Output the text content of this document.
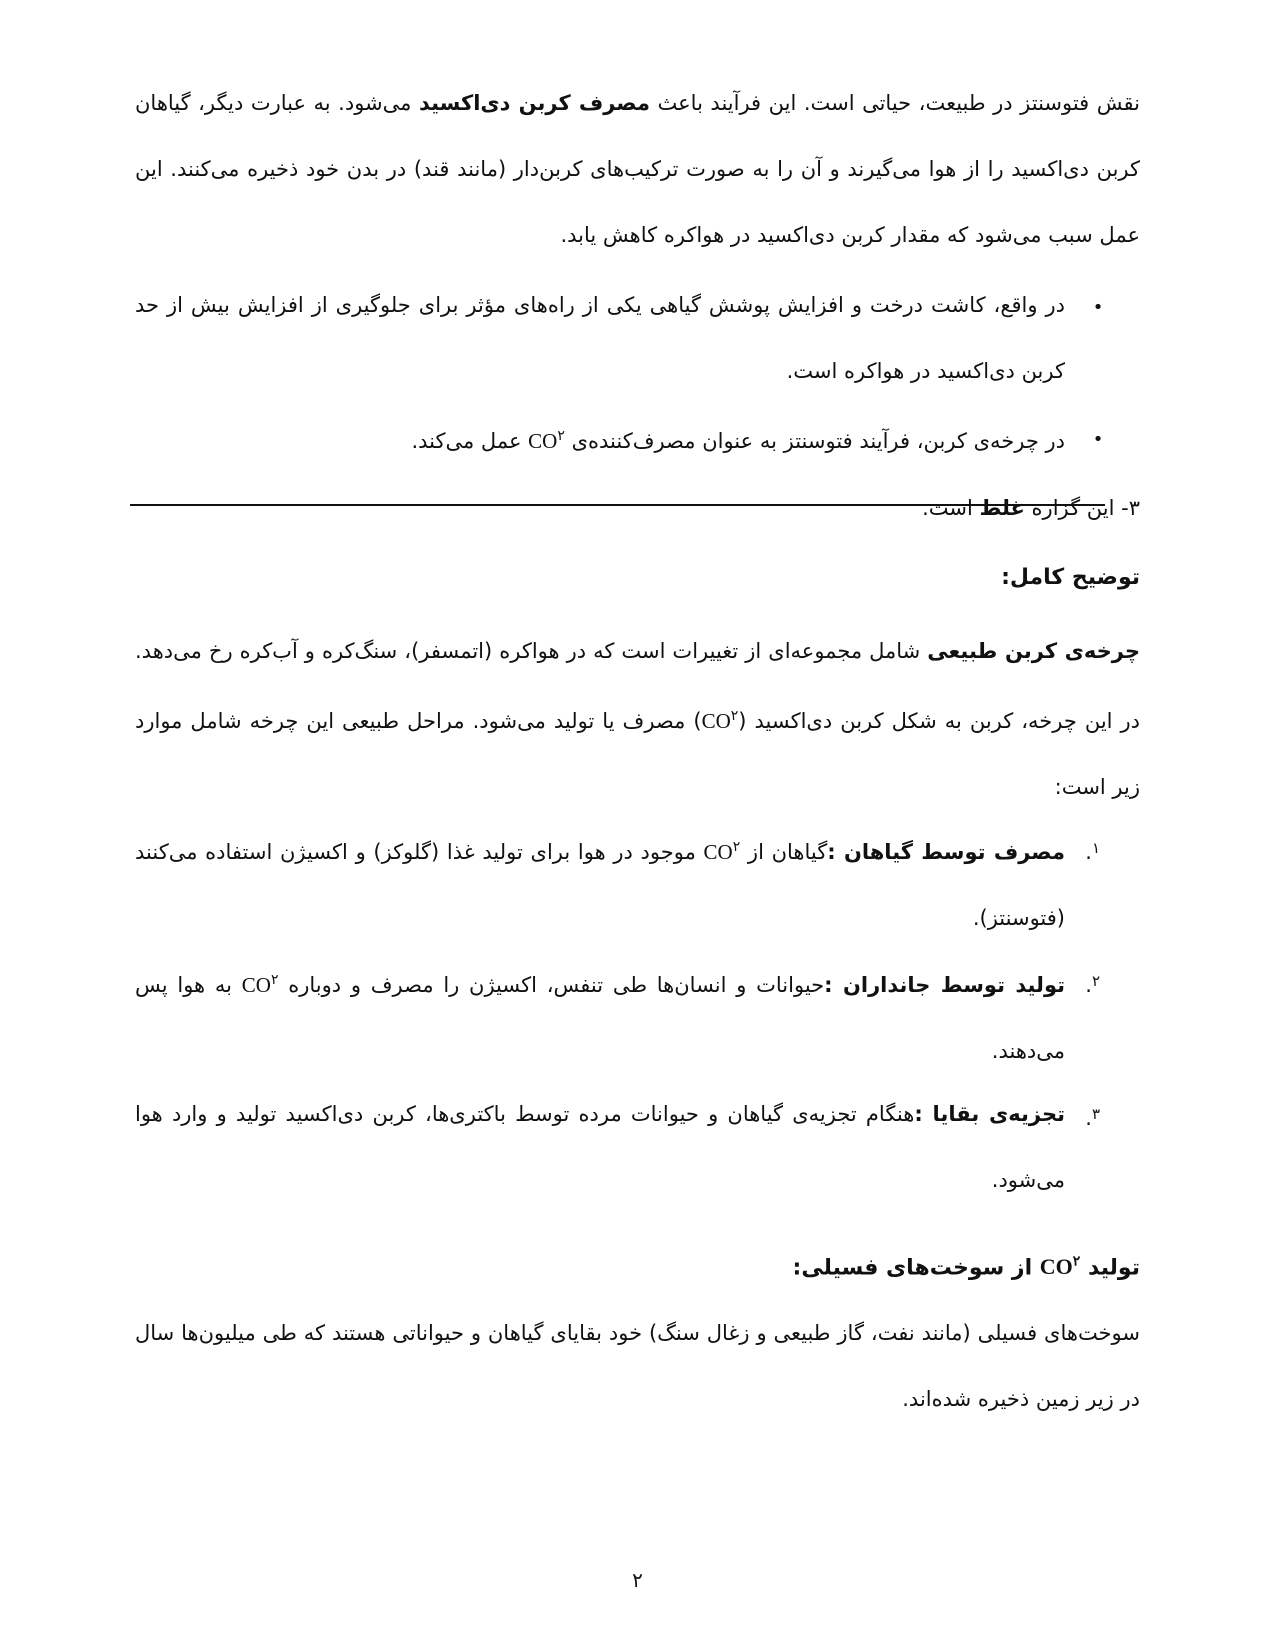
نقش فتوسنتز در طبیعت، حیاتی است. این فرآیند باعث مصرف کربن دی‌اکسید می‌شود. به عبارت دیگر، گیاهان کربن دی‌اکسید را از هوا می‌گیرند و آن را به صورت ترکیب‌های کربن‌دار (مانند قند) در بدن خود ذخیره می‌کنند. این عمل سبب می‌شود که مقدار کربن دی‌اکسید در هواکره کاهش یابد.

•

در واقع، کاشت درخت و افزایش پوشش گیاهی یکی از راه‌های مؤثر برای جلوگیری از افزایش بیش از حد کربن دی‌اکسید در هواکره است.

•

در چرخه‌ی کربن، فرآیند فتوسنتز به عنوان مصرف‌کننده‌ی $CO^۲$ عمل می‌کند.

۳- این گزاره غلط است.

توضیح کامل:

چرخه‌ی کربن طبیعی شامل مجموعه‌ای از تغییرات است که در هواکره (اتمسفر)، سنگ‌کره و آب‌کره رخ می‌دهد. در این چرخه، کربن به شکل کربن دی‌اکسید $(CO^۲)$ مصرف یا تولید می‌شود. مراحل طبیعی این چرخه شامل موارد زیر است:

$^۱$.

مصرف توسط گیاهان :گیاهان از $CO^۲$ موجود در هوا برای تولید غذا (گلوکز) و اکسیژن استفاده می‌کنند (فتوسنتز).

$^۲$.

تولید توسط جانداران :حیوانات و انسان‌ها طی تنفس، اکسیژن را مصرف و دوباره $CO^۲$ به هوا پس می‌دهند.

$^۳$.

تجزیه‌ی بقایا :هنگام تجزیه‌ی گیاهان و حیوانات مرده توسط باکتری‌ها، کربن دی‌اکسید تولید و وارد هوا می‌شود.

تولید $CO^۲$ از سوخت‌های فسیلی:

سوخت‌های فسیلی (مانند نفت، گاز طبیعی و زغال سنگ) خود بقایای گیاهان و حیواناتی هستند که طی میلیون‌ها سال در زیر زمین ذخیره شده‌اند.

۲
